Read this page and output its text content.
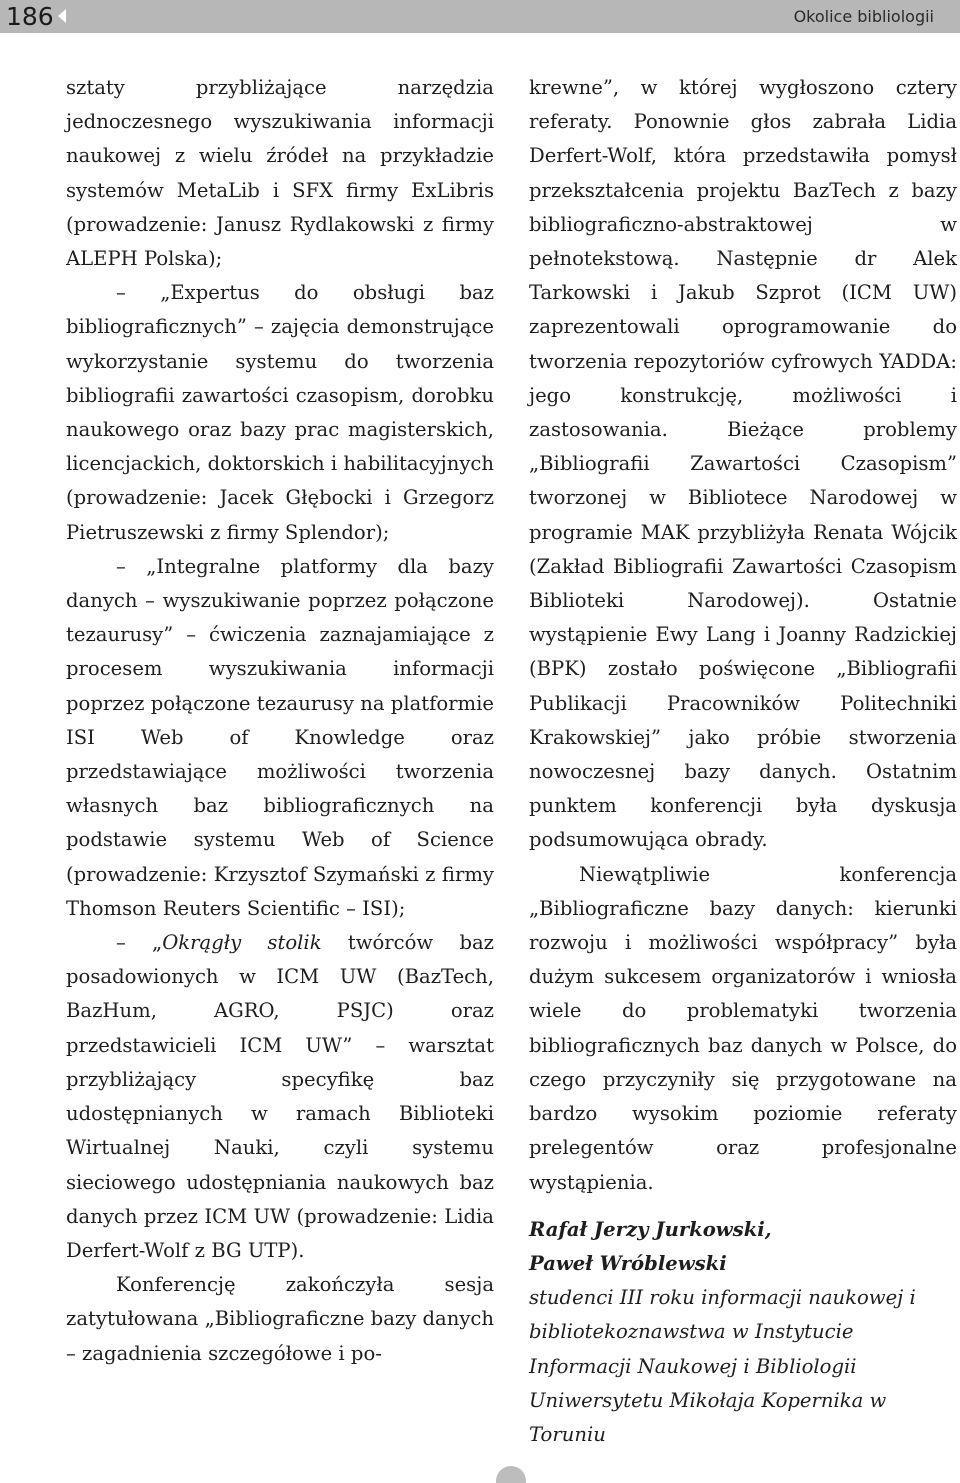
186	Okolice bibliologii

sztaty przybliżające narzędzia jednoczesnego wyszukiwania informacji naukowej z wielu źródeł na przykładzie systemów MetaLib i SFX firmy ExLibris (prowadzenie: Janusz Rydlakowski z firmy ALEPH Polska);

– „Expertus do obsługi baz bibliograficznych” – zajęcia demonstrujące wykorzystanie systemu do tworzenia bibliografii zawartości czasopism, dorobku naukowego oraz bazy prac magisterskich, licencjackich, doktorskich i habilitacyjnych (prowadzenie: Jacek Głębocki i Grzegorz Pietruszewski z firmy Splendor);

– „Integralne platformy dla bazy danych – wyszukiwanie poprzez połączone tezaurusy” – ćwiczenia zaznajamiające z procesem wyszukiwania informacji poprzez połączone tezaurusy na platformie ISI Web of Knowledge oraz przedstawiające możliwości tworzenia własnych baz bibliograficznych na podstawie systemu Web of Science (prowadzenie: Krzysztof Szymański z firmy Thomson Reuters Scientific – ISI);

– „Okrągły stolik twórców baz posadowionych w ICM UW (BazTech, BazHum, AGRO, PSJC) oraz przedstawicieli ICM UW” – warsztat przybliżający specyfikę baz udostępnianych w ramach Biblioteki Wirtualnej Nauki, czyli systemu sieciowego udostępniania naukowych baz danych przez ICM UW (prowadzenie: Lidia Derfert-Wolf z BG UTP).

Konferencję zakończyła sesja zatytułowana „Bibliograficzne bazy danych – zagadnienia szczegółowe i po-

krewne”, w której wygłoszono cztery referaty. Ponownie głos zabrała Lidia Derfert-Wolf, która przedstawiła pomysł przekształcenia projektu BazTech z bazy bibliograficzno-abstraktowej w pełnotekstową. Następnie dr Alek Tarkowski i Jakub Szprot (ICM UW) zaprezentowali oprogramowanie do tworzenia repozytoriów cyfrowych YADDA: jego konstrukcję, możliwości i zastosowania. Bieżące problemy „Bibliografii Zawartości Czasopism” tworzonej w Bibliotece Narodowej w programie MAK przybliżyła Renata Wójcik (Zakład Bibliografii Zawartości Czasopism Biblioteki Narodowej). Ostatnie wystąpienie Ewy Lang i Joanny Radzickiej (BPK) zostało poświęcone „Bibliografii Publikacji Pracowników Politechniki Krakowskiej” jako próbie stworzenia nowoczesnej bazy danych. Ostatnim punktem konferencji była dyskusja podsumowująca obrady.

Niewątpliwie konferencja „Bibliograficzne bazy danych: kierunki rozwoju i możliwości współpracy” była dużym sukcesem organizatorów i wniosła wiele do problematyki tworzenia bibliograficznych baz danych w Polsce, do czego przyczyniły się przygotowane na bardzo wysokim poziomie referaty prelegentów oraz profesjonalne wystąpienia.

Rafał Jerzy Jurkowski,
Paweł Wróblewski

studenci III roku informacji naukowej i bibliotekoznawstwa w Instytucie Informacji Naukowej i Bibliologii Uniwersytetu Mikołaja Kopernika w Toruniu
